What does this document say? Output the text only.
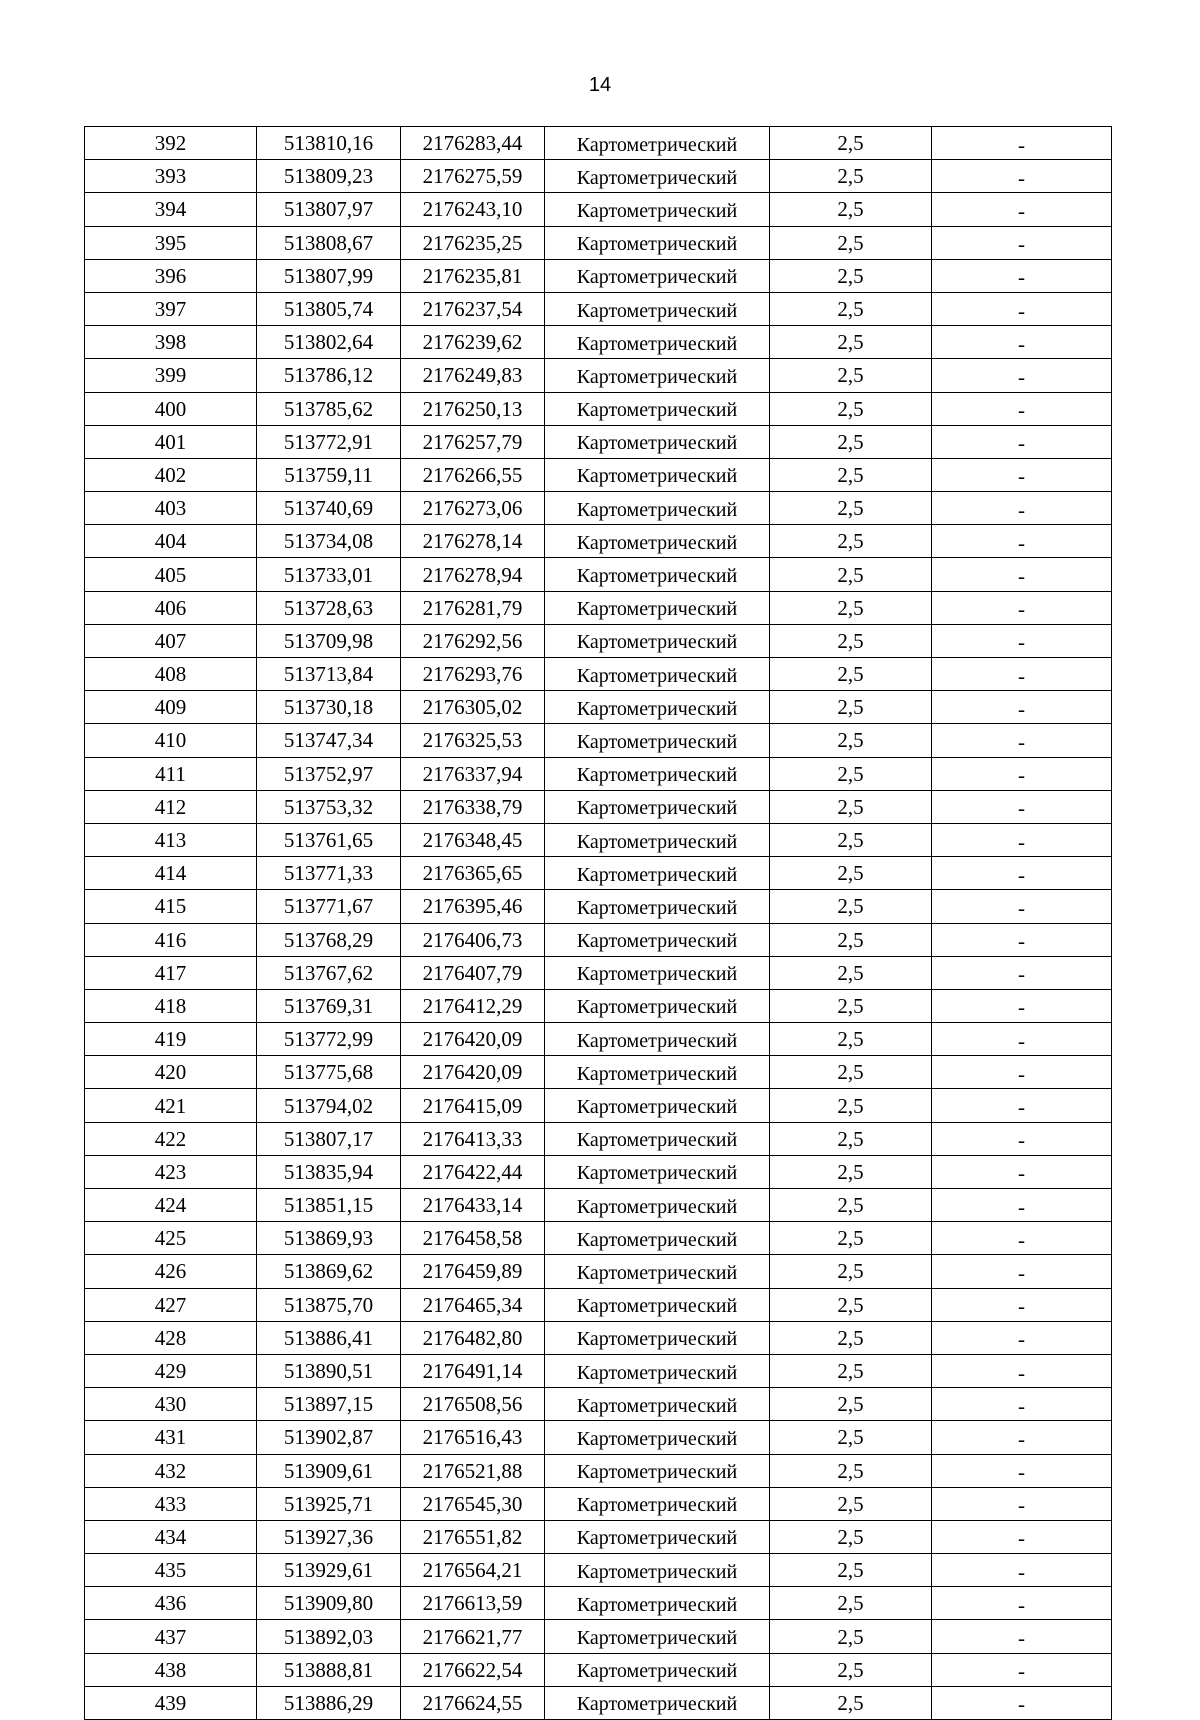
14
392	513810,16	2176283,44	Картометрический	2,5	-
393	513809,23	2176275,59	Картометрический	2,5	-
394	513807,97	2176243,10	Картометрический	2,5	-
395	513808,67	2176235,25	Картометрический	2,5	-
396	513807,99	2176235,81	Картометрический	2,5	-
397	513805,74	2176237,54	Картометрический	2,5	-
398	513802,64	2176239,62	Картометрический	2,5	-
399	513786,12	2176249,83	Картометрический	2,5	-
400	513785,62	2176250,13	Картометрический	2,5	-
401	513772,91	2176257,79	Картометрический	2,5	-
402	513759,11	2176266,55	Картометрический	2,5	-
403	513740,69	2176273,06	Картометрический	2,5	-
404	513734,08	2176278,14	Картометрический	2,5	-
405	513733,01	2176278,94	Картометрический	2,5	-
406	513728,63	2176281,79	Картометрический	2,5	-
407	513709,98	2176292,56	Картометрический	2,5	-
408	513713,84	2176293,76	Картометрический	2,5	-
409	513730,18	2176305,02	Картометрический	2,5	-
410	513747,34	2176325,53	Картометрический	2,5	-
411	513752,97	2176337,94	Картометрический	2,5	-
412	513753,32	2176338,79	Картометрический	2,5	-
413	513761,65	2176348,45	Картометрический	2,5	-
414	513771,33	2176365,65	Картометрический	2,5	-
415	513771,67	2176395,46	Картометрический	2,5	-
416	513768,29	2176406,73	Картометрический	2,5	-
417	513767,62	2176407,79	Картометрический	2,5	-
418	513769,31	2176412,29	Картометрический	2,5	-
419	513772,99	2176420,09	Картометрический	2,5	-
420	513775,68	2176420,09	Картометрический	2,5	-
421	513794,02	2176415,09	Картометрический	2,5	-
422	513807,17	2176413,33	Картометрический	2,5	-
423	513835,94	2176422,44	Картометрический	2,5	-
424	513851,15	2176433,14	Картометрический	2,5	-
425	513869,93	2176458,58	Картометрический	2,5	-
426	513869,62	2176459,89	Картометрический	2,5	-
427	513875,70	2176465,34	Картометрический	2,5	-
428	513886,41	2176482,80	Картометрический	2,5	-
429	513890,51	2176491,14	Картометрический	2,5	-
430	513897,15	2176508,56	Картометрический	2,5	-
431	513902,87	2176516,43	Картометрический	2,5	-
432	513909,61	2176521,88	Картометрический	2,5	-
433	513925,71	2176545,30	Картометрический	2,5	-
434	513927,36	2176551,82	Картометрический	2,5	-
435	513929,61	2176564,21	Картометрический	2,5	-
436	513909,80	2176613,59	Картометрический	2,5	-
437	513892,03	2176621,77	Картометрический	2,5	-
438	513888,81	2176622,54	Картометрический	2,5	-
439	513886,29	2176624,55	Картометрический	2,5	-
